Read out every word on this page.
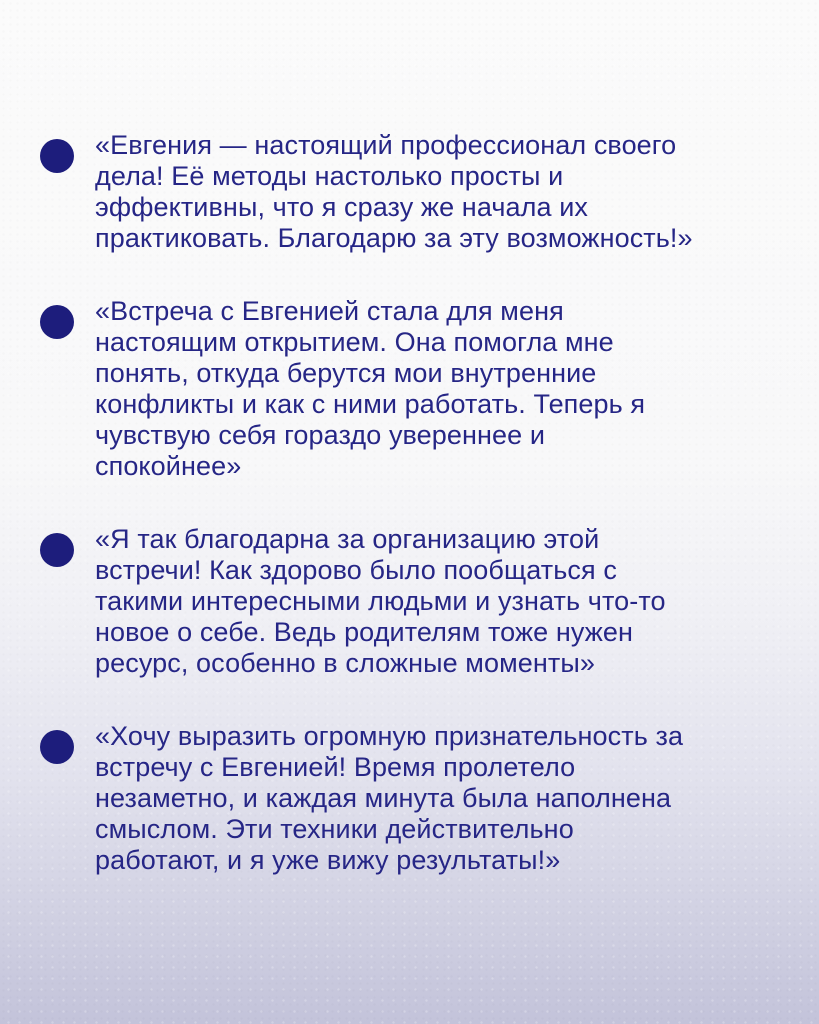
«Евгения — настоящий профессионал своего
дела! Её методы настолько просты и
эффективны, что я сразу же начала их
практиковать. Благодарю за эту возможность!»

«Встреча с Евгенией стала для меня
настоящим открытием. Она помогла мне
понять, откуда берутся мои внутренние
конфликты и как с ними работать. Теперь я
чувствую себя гораздо увереннее и
спокойнее»

«Я так благодарна за организацию этой
встречи! Как здорово было пообщаться с
такими интересными людьми и узнать что-то
новое о себе. Ведь родителям тоже нужен
ресурс, особенно в сложные моменты»

«Хочу выразить огромную признательность за
встречу с Евгенией! Время пролетело
незаметно, и каждая минута была наполнена
смыслом. Эти техники действительно
работают, и я уже вижу результаты!»
